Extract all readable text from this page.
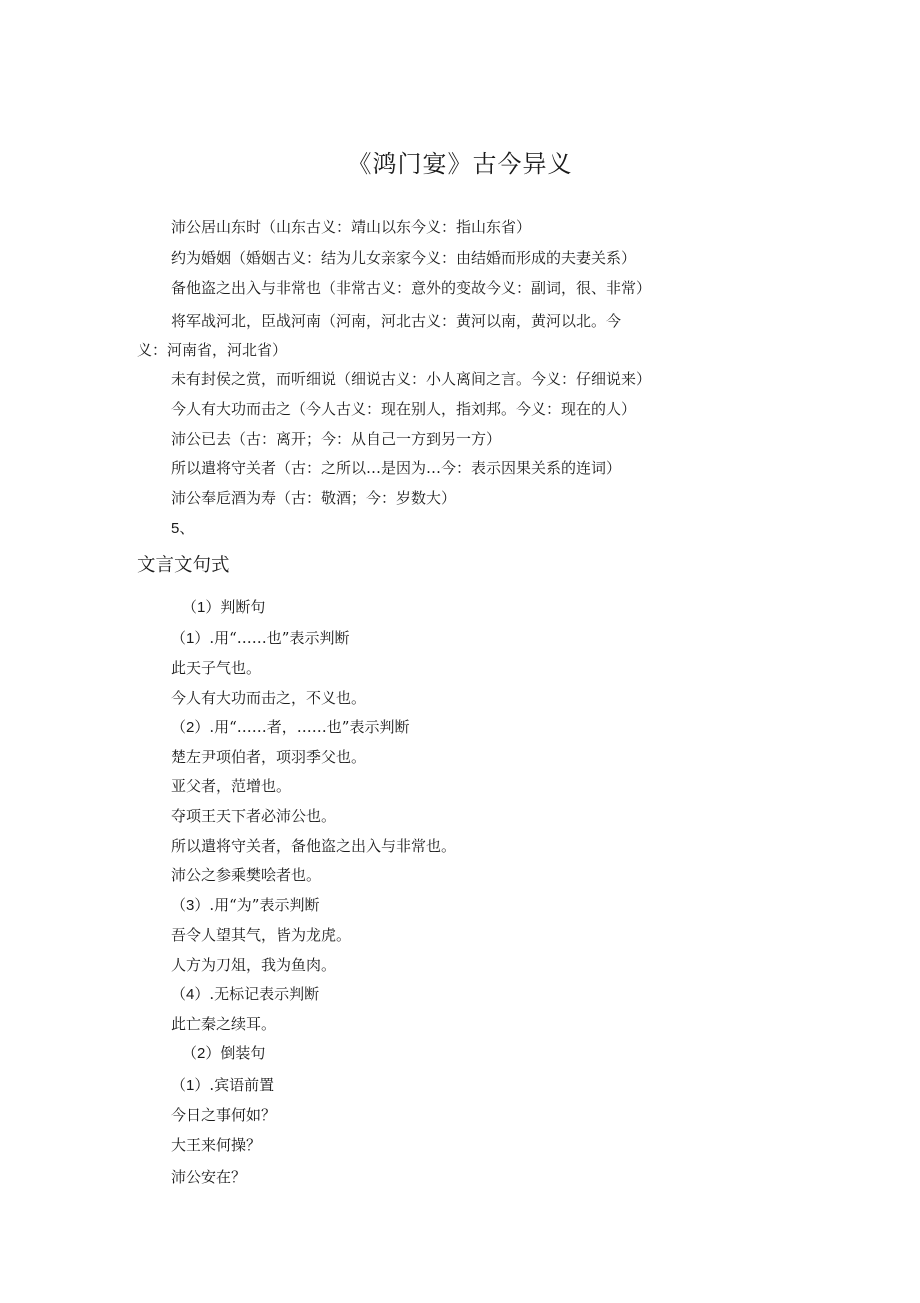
《鸿门宴》古今异义
沛公居山东时（山东古义：靖山以东今义：指山东省）
约为婚姻（婚姻古义：结为儿女亲家今义：由结婚而形成的夫妻关系）
备他盗之出入与非常也（非常古义：意外的变故今义：副词，很、非常）
将军战河北，臣战河南（河南，河北古义：黄河以南，黄河以北。今义：河南省，河北省）
未有封侯之赏，而听细说（细说古义：小人离间之言。今义：仔细说来）
今人有大功而击之（今人古义：现在别人，指刘邦。今义：现在的人）
沛公已去（古：离开；今：从自己一方到另一方）
所以遣将守关者（古：之所以…是因为…今：表示因果关系的连词）
沛公奉卮酒为寿（古：敬酒；今：岁数大）
5、
文言文句式
（1）判断句
（1）.用“……也”表示判断
此天子气也。
今人有大功而击之，不义也。
（2）.用“……者，……也”表示判断
楚左尹项伯者，项羽季父也。
亚父者，范增也。
夺项王天下者必沛公也。
所以遣将守关者，备他盗之出入与非常也。
沛公之参乘樊哙者也。
（3）.用“为”表示判断
吾令人望其气，皆为龙虎。
人方为刀俎，我为鱼肉。
（4）.无标记表示判断
此亡秦之续耳。
（2）倒装句
（1）.宾语前置
今日之事何如？
大王来何操？
沛公安在？
